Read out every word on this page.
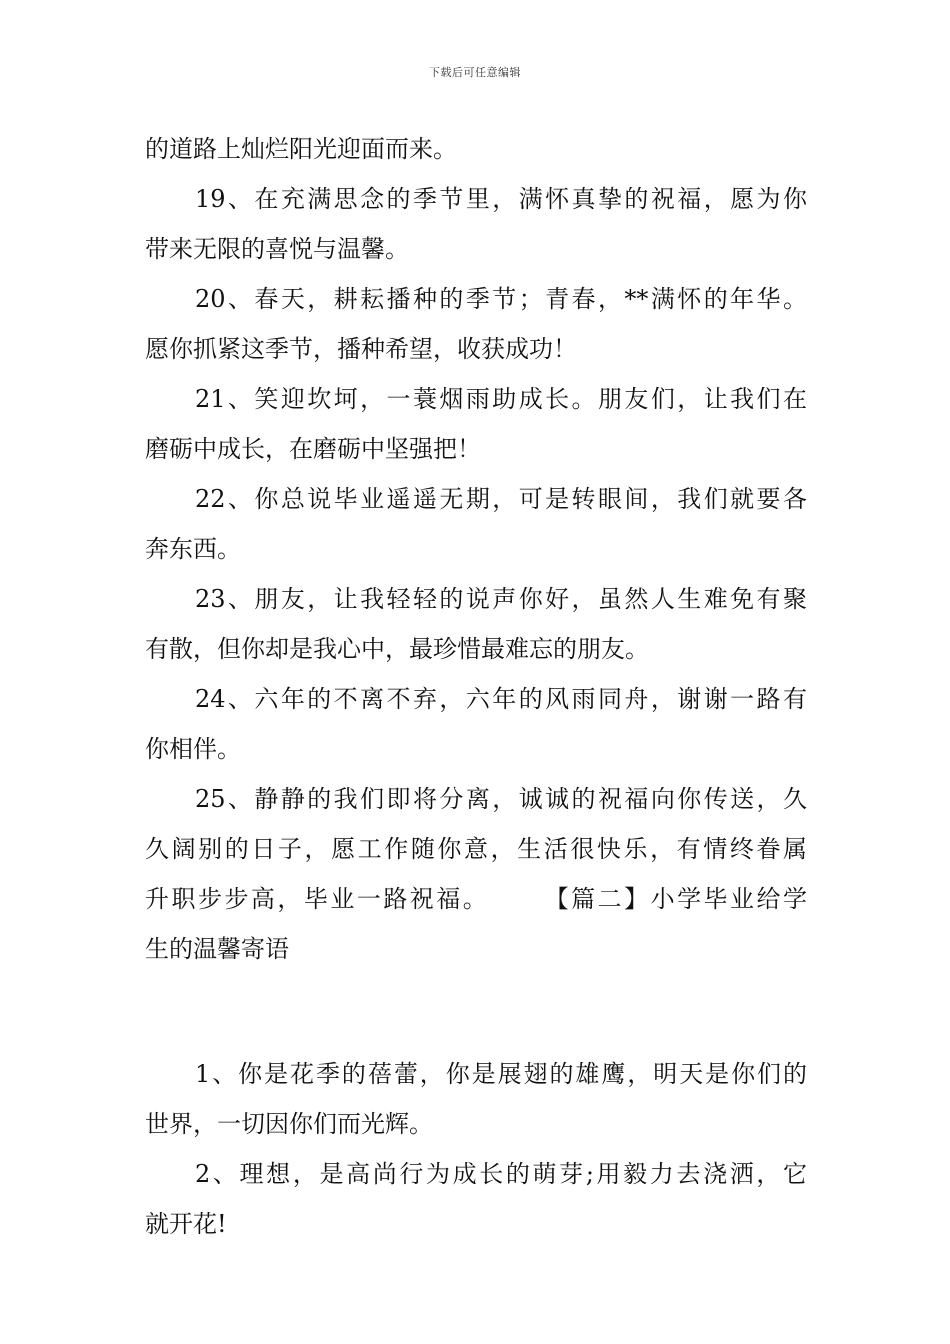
下载后可任意编辑
的道路上灿烂阳光迎面而来。
19、在充满思念的季节里，满怀真挚的祝福，愿为你
带来无限的喜悦与温馨。
20、春天，耕耘播种的季节；青春，**满怀的年华。
愿你抓紧这季节，播种希望，收获成功！
21、笑迎坎坷，一蓑烟雨助成长。朋友们，让我们在
磨砺中成长，在磨砺中坚强把！
22、你总说毕业遥遥无期，可是转眼间，我们就要各
奔东西。
23、朋友，让我轻轻的说声你好，虽然人生难免有聚
有散，但你却是我心中，最珍惜最难忘的朋友。
24、六年的不离不弃，六年的风雨同舟，谢谢一路有
你相伴。
25、静静的我们即将分离，诚诚的祝福向你传送，久
久阔别的日子，愿工作随你意，生活很快乐，有情终眷属
升职步步高，毕业一路祝福。　　　【篇二】小学毕业给学
生的温馨寄语
1、你是花季的蓓蕾，你是展翅的雄鹰，明天是你们的
世界，一切因你们而光辉。
2、理想，是高尚行为成长的萌芽;用毅力去浇洒，它
就开花!
